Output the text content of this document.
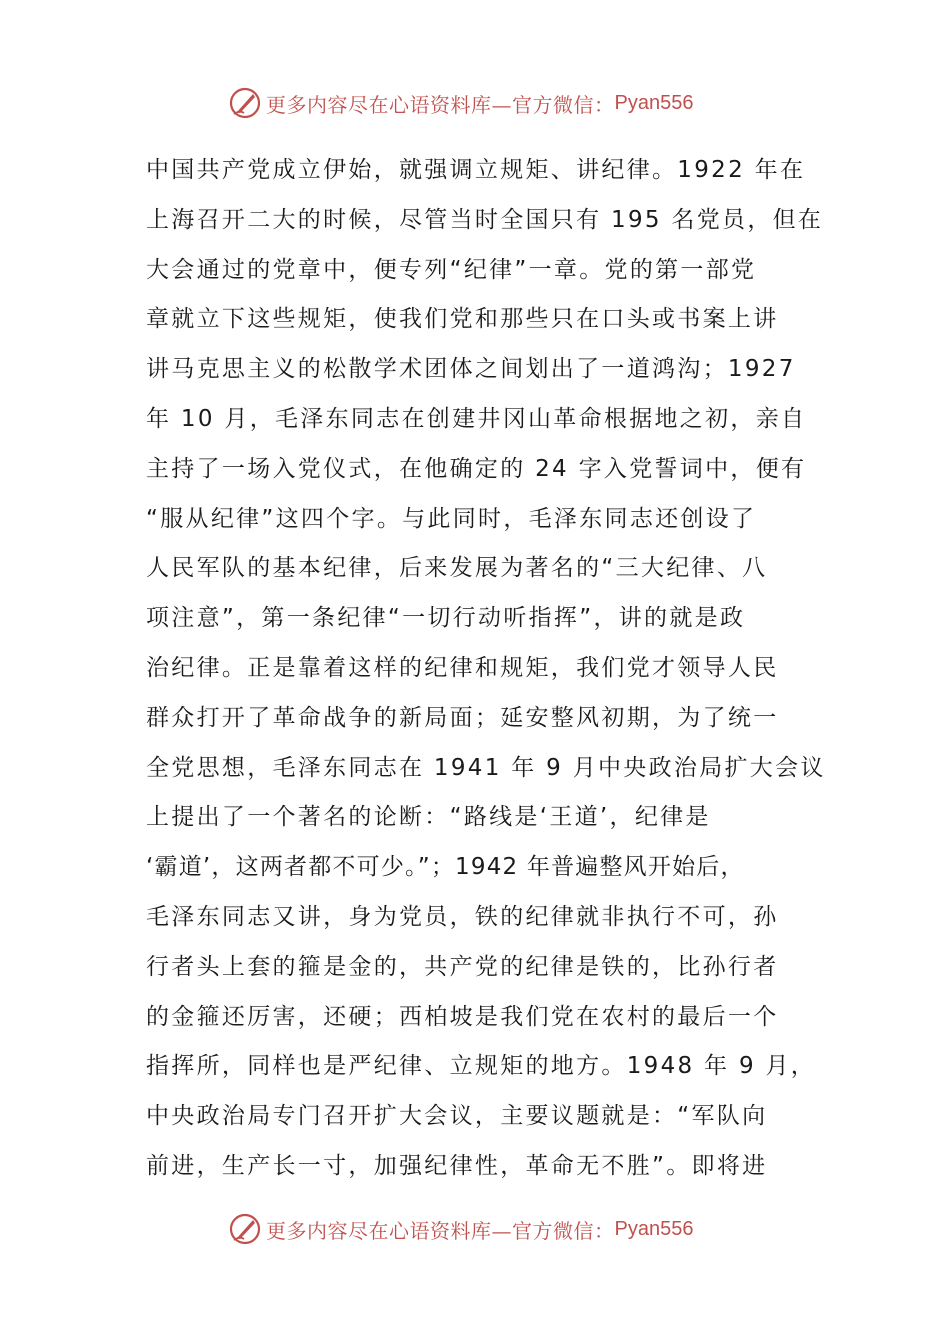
更多内容尽在心语资料库—官方微信： Pyan556
中国共产党成立伊始，就强调立规矩、讲纪律。1922 年在
上海召开二大的时候，尽管当时全国只有 195 名党员，但在
大会通过的党章中，便专列“纪律”一章。党的第一部党
章就立下这些规矩，使我们党和那些只在口头或书案上讲
讲马克思主义的松散学术团体之间划出了一道鸿沟；1927
年 10 月，毛泽东同志在创建井冈山革命根据地之初，亲自
主持了一场入党仪式，在他确定的 24 字入党誓词中，便有
“服从纪律”这四个字。与此同时，毛泽东同志还创设了
人民军队的基本纪律，后来发展为著名的“三大纪律、八
项注意”，第一条纪律“一切行动听指挥”，讲的就是政
治纪律。正是靠着这样的纪律和规矩，我们党才领导人民
群众打开了革命战争的新局面；延安整风初期，为了统一
全党思想，毛泽东同志在 1941 年 9 月中央政治局扩大会议
上提出了一个著名的论断：“路线是‘王道’，纪律是
‘霸道’，这两者都不可少。”；1942 年普遍整风开始后，
毛泽东同志又讲，身为党员，铁的纪律就非执行不可，孙
行者头上套的箍是金的，共产党的纪律是铁的，比孙行者
的金箍还厉害，还硬；西柏坡是我们党在农村的最后一个
指挥所，同样也是严纪律、立规矩的地方。1948 年 9 月，
中央政治局专门召开扩大会议，主要议题就是：“军队向
前进，生产长一寸，加强纪律性，革命无不胜”。即将进
更多内容尽在心语资料库—官方微信： Pyan556
